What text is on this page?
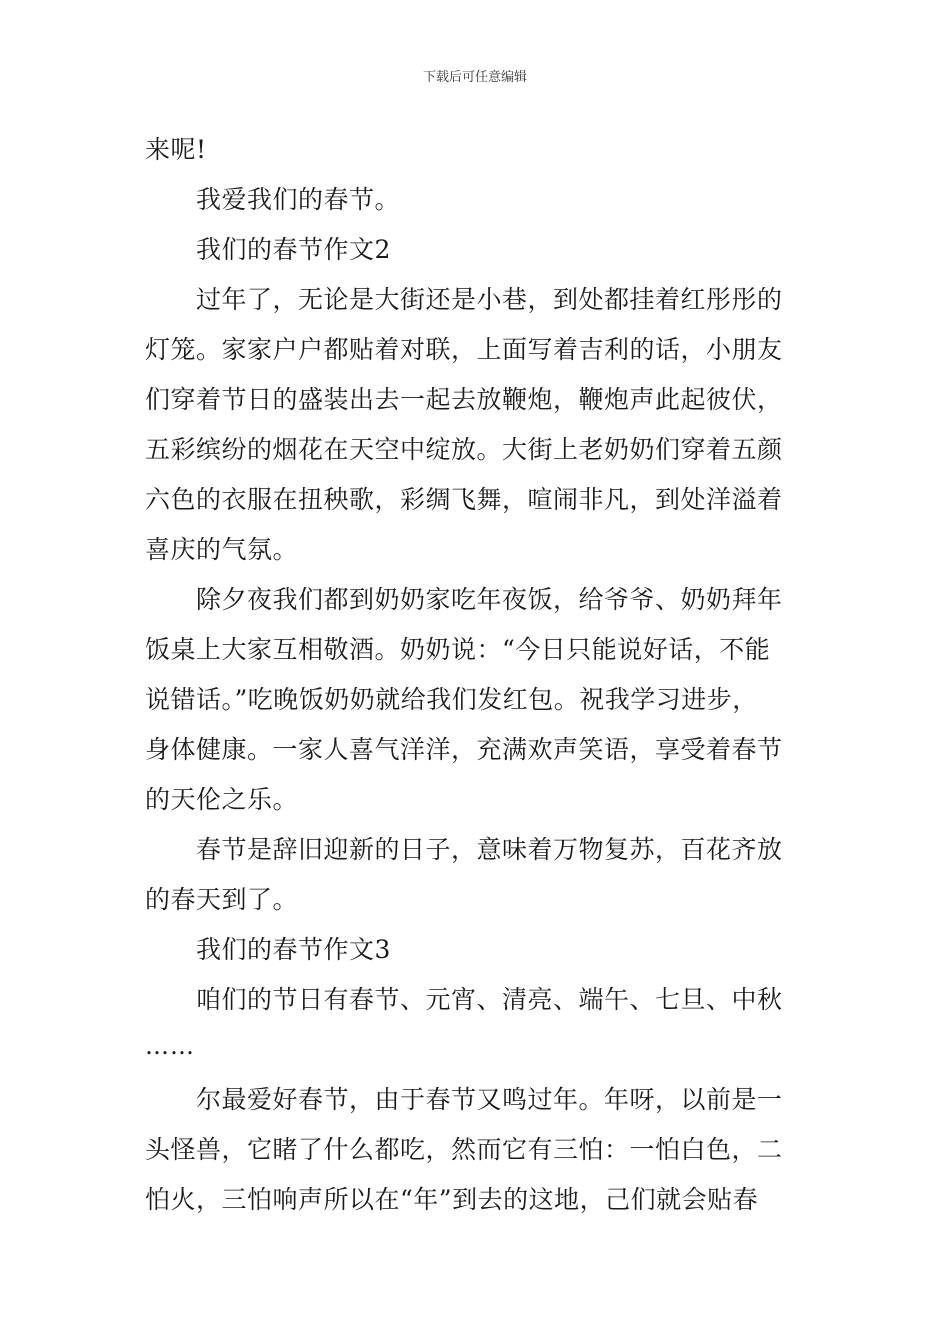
下载后可任意编辑
来呢!
我爱我们的春节。
我们的春节作文2
过年了，无论是大街还是小巷，到处都挂着红彤彤的
灯笼。家家户户都贴着对联，上面写着吉利的话，小朋友
们穿着节日的盛装出去一起去放鞭炮，鞭炮声此起彼伏，
五彩缤纷的烟花在天空中绽放。大街上老奶奶们穿着五颜
六色的衣服在扭秧歌，彩绸飞舞，喧闹非凡，到处洋溢着
喜庆的气氛。
除夕夜我们都到奶奶家吃年夜饭，给爷爷、奶奶拜年
饭桌上大家互相敬酒。奶奶说：“今日只能说好话，不能
说错话。”吃晚饭奶奶就给我们发红包。祝我学习进步，
身体健康。一家人喜气洋洋，充满欢声笑语，享受着春节
的天伦之乐。
春节是辞旧迎新的日子，意味着万物复苏，百花齐放
的春天到了。
我们的春节作文3
咱们的节日有春节、元宵、清亮、端午、七旦、中秋
……
尔最爱好春节，由于春节又鸣过年。年呀，以前是一
头怪兽，它睹了什么都吃，然而它有三怕：一怕白色，二
怕火，三怕响声所以在“年”到去的这地，己们就会贴春
